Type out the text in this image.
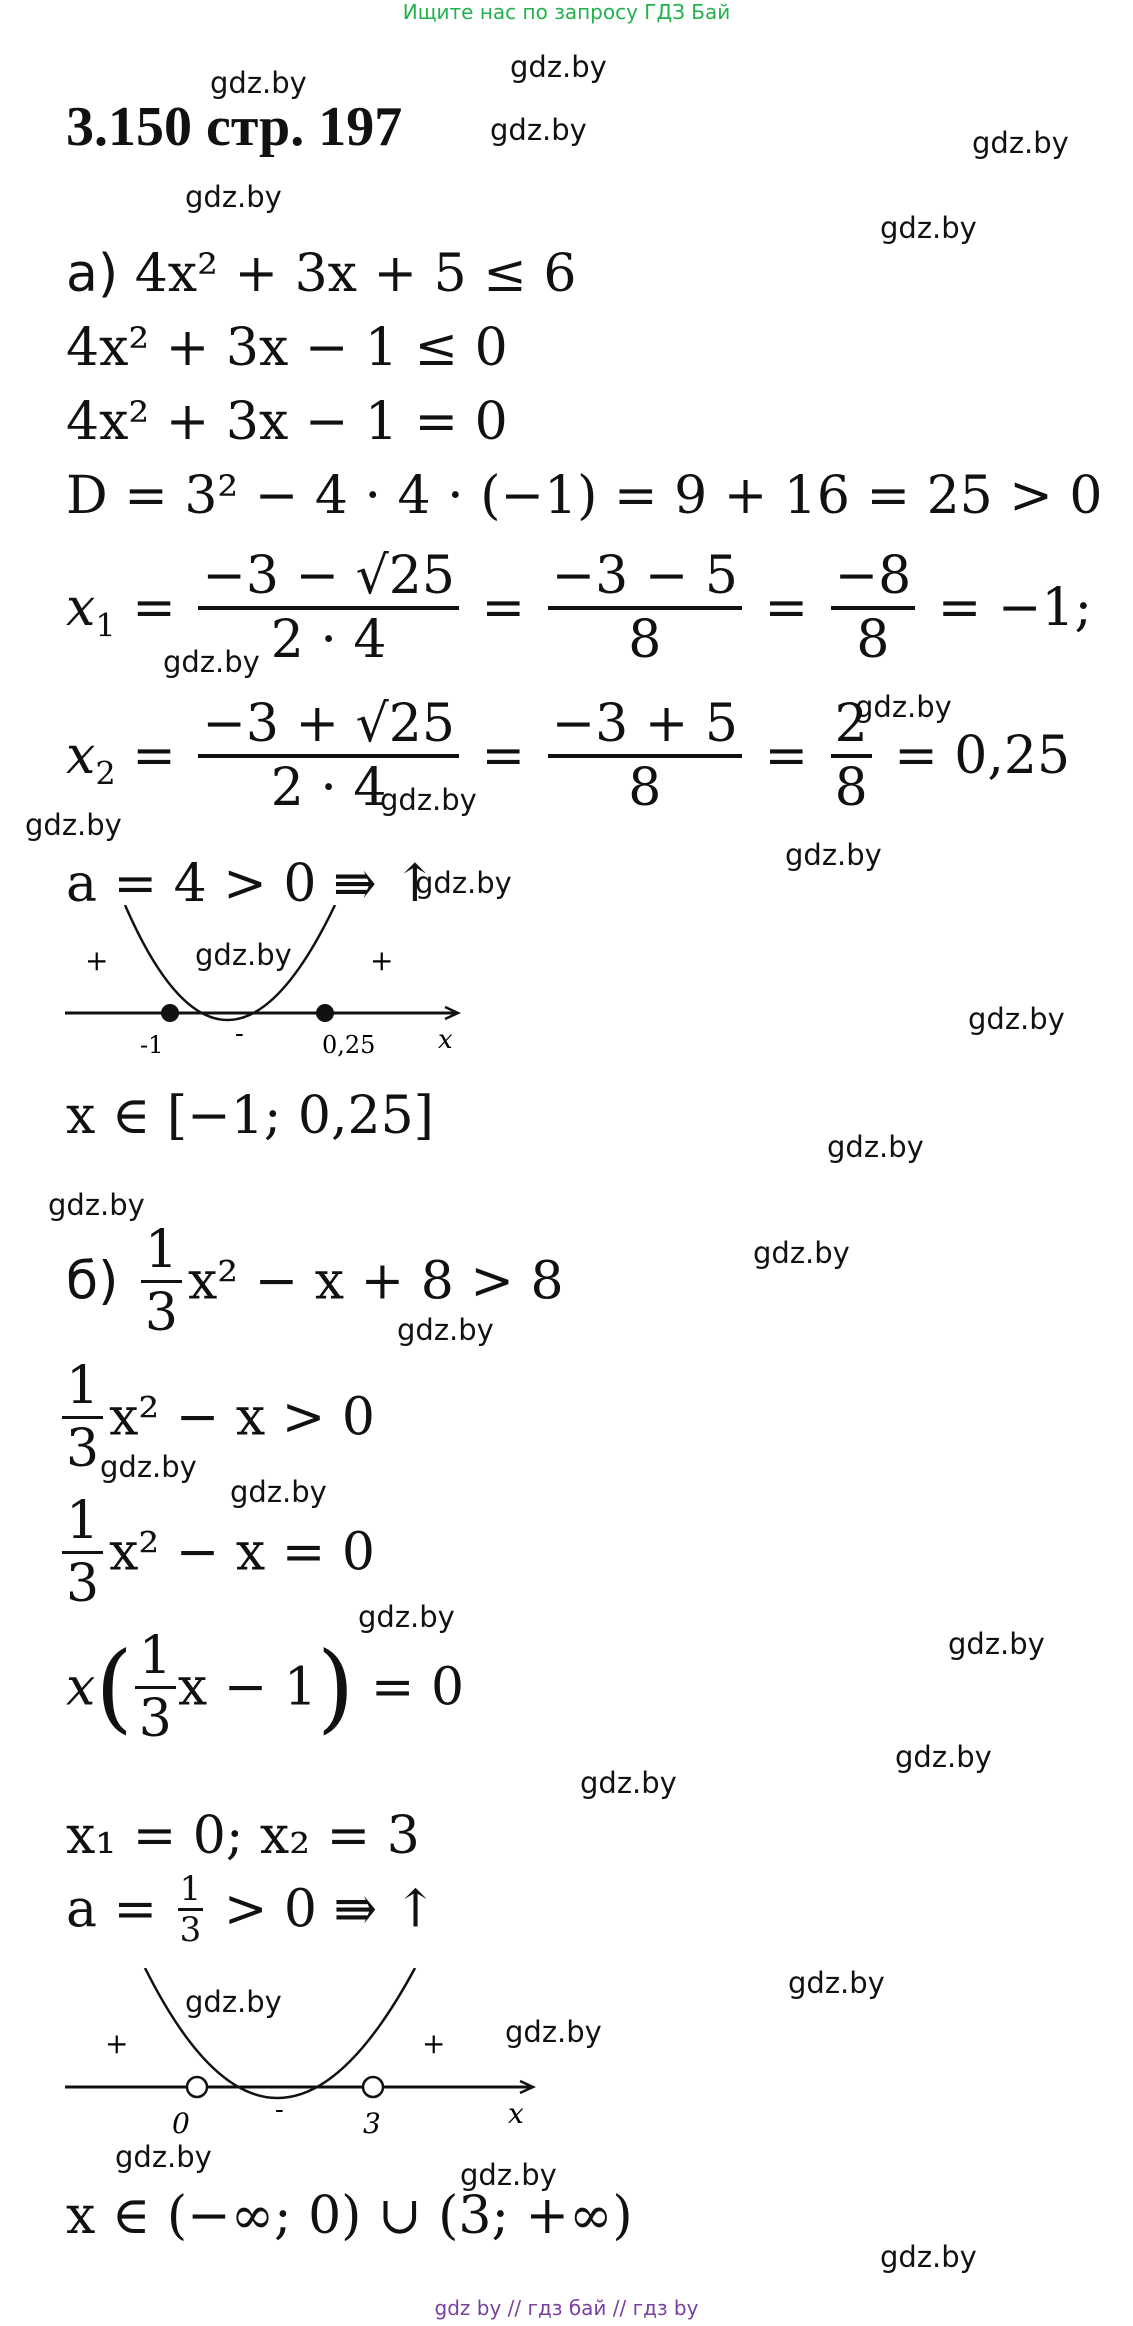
Ищите нас по запросу ГДЗ Бай
3.150 стр. 197
gdz.by	gdz.by
gdz.by	gdz.by
gdz.by
gdz.by
gdz.by
gdz.by
gdz.by
gdz.by
gdz.by
gdz.by
gdz.by
gdz.by
gdz.by
gdz.by
gdz.by
gdz.by
gdz.by
gdz.by
gdz.by
gdz.by
gdz.by
gdz.by
gdz.by
gdz.by
gdz.by
gdz.by
gdz.by
gdz.by
а) 4x² + 3x + 5 ≤ 6
4x² + 3x − 1 ≤ 0
4x² + 3x − 1 = 0
D = 3² − 4 · 4 · (−1) = 9 + 16 = 25 > 0
$x_1 = \frac{-3 - √25}{2 \cdot 4} = \frac{-3 - 5}{8} = \frac{-8}{8} = -1$;
$x_2 = \frac{-3 + √25}{2 \cdot 4} = \frac{-3 + 5}{8} = \frac{2}{8} = 0,25$
a = 4 > 0 ⇛ ↑
+
-
+
-1	0,25 x
x ∈ [−1; 0,25]
$б) \frac{1}{3} x^2 - x + 8 > 8$
$\frac{1}{3} x^2 - x > 0$
$\frac{1}{3} x^2 - x = 0$
$x( \frac{1}{3}$ x − 1) = 0
x₁ = 0; x₂ = 3
$a = \frac{1}{3} > 0$ ⇛ ↑
+
-
+
0	3	x
x ∈ (−∞; 0) ∪ (3; +∞)
gdz by // гдз бай // гдз by
